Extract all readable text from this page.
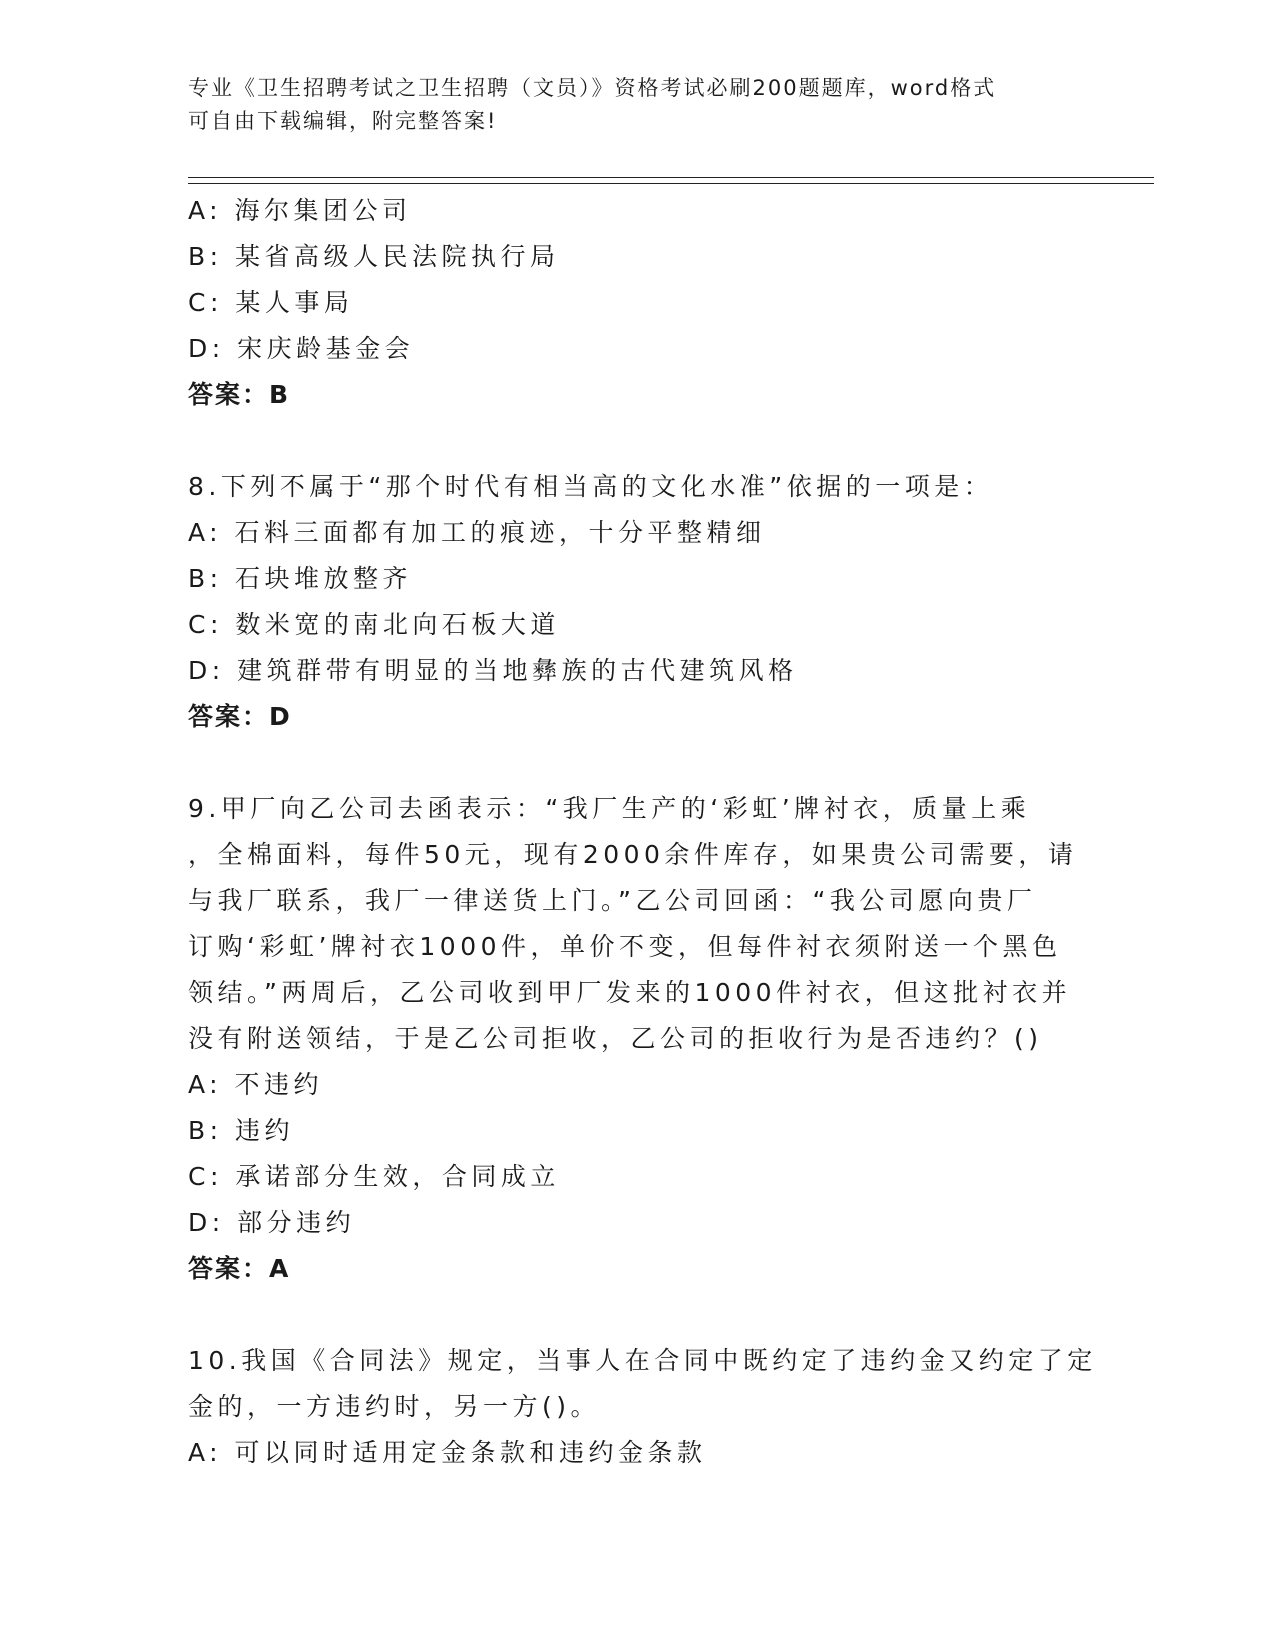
专业《卫生招聘考试之卫生招聘（文员）》资格考试必刷200题题库，word格式
可自由下载编辑，附完整答案!
A: 海尔集团公司
B: 某省高级人民法院执行局
C: 某人事局
D: 宋庆龄基金会
答案：B
8.下列不属于“那个时代有相当高的文化水准”依据的一项是：
A: 石料三面都有加工的痕迹，十分平整精细
B: 石块堆放整齐
C: 数米宽的南北向石板大道
D: 建筑群带有明显的当地彝族的古代建筑风格
答案：D
9.甲厂向乙公司去函表示：“我厂生产的‘彩虹’牌衬衣，质量上乘
，全棉面料，每件50元，现有2000余件库存，如果贵公司需要，请
与我厂联系，我厂一律送货上门。”乙公司回函：“我公司愿向贵厂
订购‘彩虹’牌衬衣1000件，单价不变，但每件衬衣须附送一个黑色
领结。”两周后，乙公司收到甲厂发来的1000件衬衣，但这批衬衣并
没有附送领结，于是乙公司拒收，乙公司的拒收行为是否违约？()
A: 不违约
B: 违约
C: 承诺部分生效，合同成立
D: 部分违约
答案：A
10.我国《合同法》规定，当事人在合同中既约定了违约金又约定了定
金的，一方违约时，另一方()。
A: 可以同时适用定金条款和违约金条款
